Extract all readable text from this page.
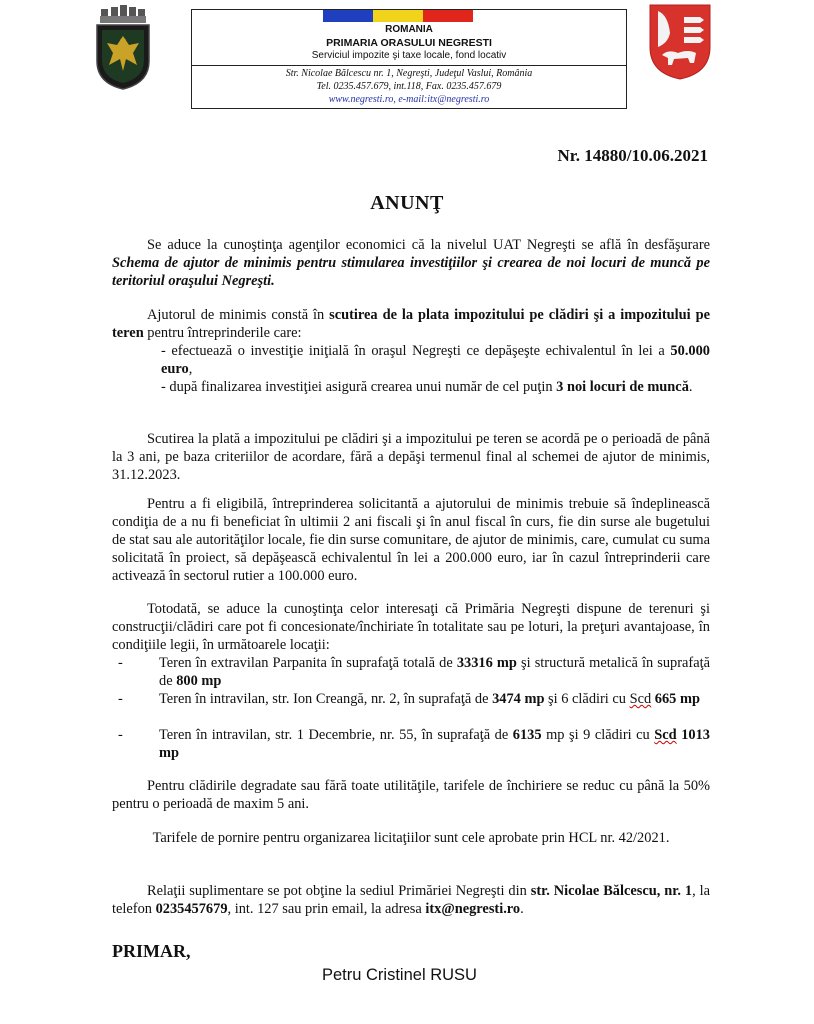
ROMANIA
PRIMARIA ORASULUI NEGRESTI
Serviciul impozite şi taxe locale, fond locativ
Str. Nicolae Bălcescu nr. 1, Negreşti, Judeţul Vaslui, România
Tel. 0235.457.679, int.118, Fax. 0235.457.679
www.negresti.ro, e-mail:itx@negresti.ro
Nr. 14880/10.06.2021
ANUNŢ
Se aduce la cunoştinţa agenţilor economici că la nivelul UAT Negreşti se află în desfăşurare Schema de ajutor de minimis pentru stimularea investiţiilor şi crearea de noi locuri de muncă pe teritoriul oraşului Negreşti.
Ajutorul de minimis constă în scutirea de la plata impozitului pe clădiri şi a impozitului pe teren pentru întreprinderile care:
- efectuează o investiţie iniţială în oraşul Negreşti ce depăşeşte echivalentul în lei a 50.000 euro,
- după finalizarea investiţiei asigură crearea unui număr de cel puţin 3 noi locuri de muncă.
Scutirea la plată a impozitului pe clădiri şi a impozitului pe teren se acordă pe o perioadă de până la 3 ani, pe baza criteriilor de acordare, fără a depăşi termenul final al schemei de ajutor de minimis, 31.12.2023.
Pentru a fi eligibilă, întreprinderea solicitantă a ajutorului de minimis trebuie să îndeplinească condiţia de a nu fi beneficiat în ultimii 2 ani fiscali şi în anul fiscal în curs, fie din surse ale bugetului de stat sau ale autorităţilor locale, fie din surse comunitare, de ajutor de minimis, care, cumulat cu suma solicitată în proiect, să depăşească echivalentul în lei a 200.000 euro, iar în cazul întreprinderii care activează în sectorul rutier a 100.000 euro.
Totodată, se aduce la cunoştinţa celor interesaţi că Primăria Negreşti dispune de terenuri şi construcţii/clădiri care pot fi concesionate/închiriate în totalitate sau pe loturi, la preţuri avantajoase, în condiţiile legii, în următoarele locaţii:
-	Teren în extravilan Parpanita în suprafaţă totală de 33316 mp şi structură metalică în suprafaţă de 800 mp
-	Teren în intravilan, str. Ion Creangă, nr. 2, în suprafaţă de 3474 mp şi 6 clădiri cu Scd 665 mp
-	Teren în intravilan, str. 1 Decembrie, nr. 55, în suprafaţă de 6135 mp şi 9 clădiri cu Scd 1013 mp
Pentru clădirile degradate sau fără toate utilităţile, tarifele de închiriere se reduc cu până la 50% pentru o perioadă de maxim 5 ani.
Tarifele de pornire pentru organizarea licitaţiilor sunt cele aprobate prin HCL nr. 42/2021.
Relaţii suplimentare se pot obţine la sediul Primăriei Negreşti din str. Nicolae Bălcescu, nr. 1, la telefon 0235457679, int. 127 sau prin email, la adresa itx@negresti.ro.
PRIMAR,
Petru Cristinel RUSU
